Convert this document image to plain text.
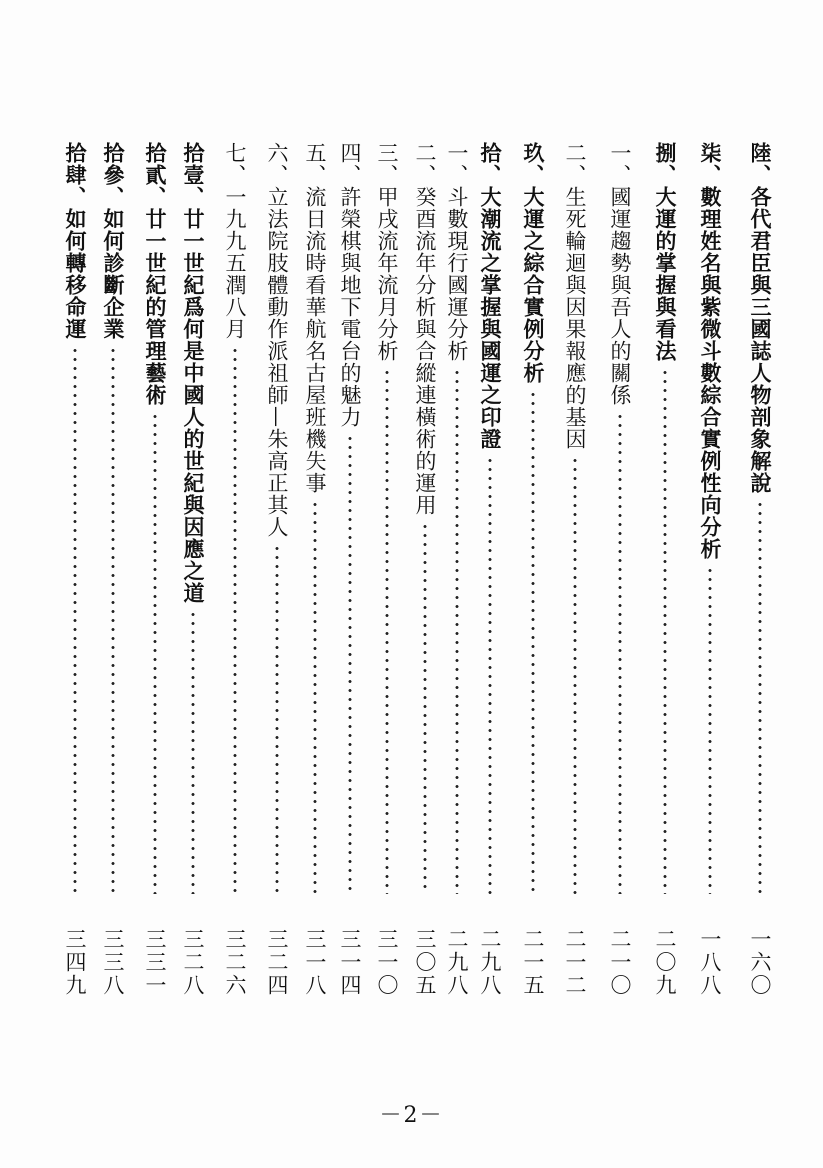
陸、各代君臣與三國誌人物剖象解說
一六〇
柒、數理姓名與紫微斗數綜合實例性向分析
一八八
捌、大運的掌握與看法
二〇九
一、國運趨勢與吾人的關係
二一〇
二、生死輪迴與因果報應的基因
二一二
玖、大運之綜合實例分析
二一五
拾、大潮流之掌握與國運之印證
二九八
一、斗數現行國運分析
二九八
二、癸酉流年分析與合縱連橫術的運用
三〇五
三、甲戌流年流月分析
三一〇
四、許榮棋與地下電台的魅力
三一四
五、流日流時看華航名古屋班機失事
三一八
六、立法院肢體動作派祖師—朱高正其人
三二四
七、一九九五潤八月
三二六
拾壹、廿一世紀爲何是中國人的世紀與因應之道
三二八
拾貳、廿一世紀的管理藝術
三三一
拾參、如何診斷企業
三三八
拾肆、如何轉移命運
三四九
－2－
